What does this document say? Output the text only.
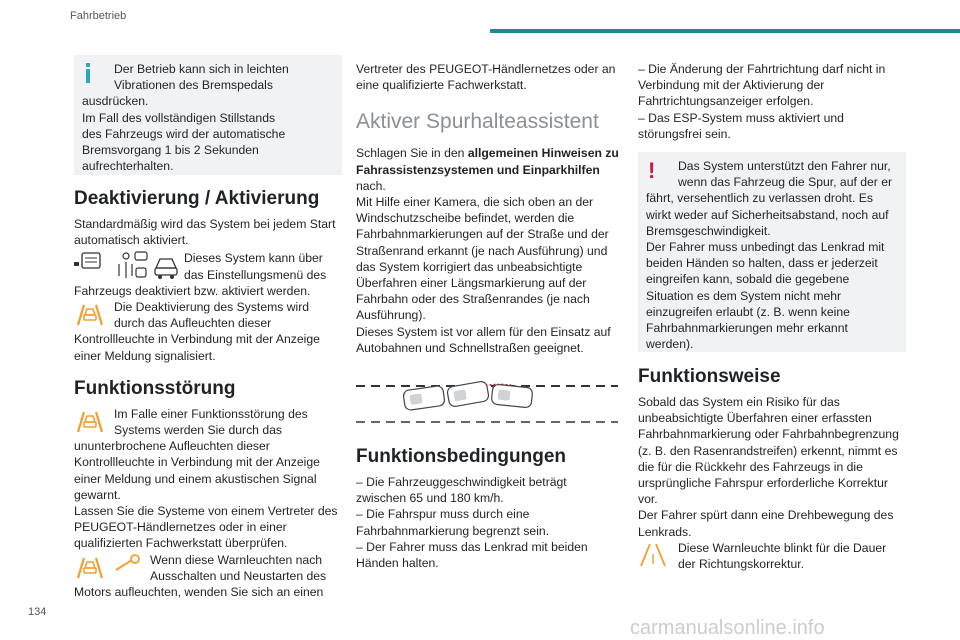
Fahrbetrieb
Der Betrieb kann sich in leichten
Vibrationen des Bremspedals
ausdrücken.
Im Fall des vollständigen Stillstands
des Fahrzeugs wird der automatische
Bremsvorgang 1 bis 2 Sekunden
aufrechterhalten.
Deaktivierung / Aktivierung

Standardmäßig wird das System bei jedem Start automatisch aktiviert.

Dieses System kann über
das Einstellungsmenü des

Fahrzeugs deaktiviert bzw. aktiviert werden.

Die Deaktivierung des Systems wird
durch das Aufleuchten dieser

Kontrollleuchte in Verbindung mit der Anzeige einer Meldung signalisiert.

Funktionsstörung
Im Falle einer Funktionsstörung des
Systems werden Sie durch das

ununterbrochene Aufleuchten dieser Kontrollleuchte in Verbindung mit der Anzeige einer Meldung und einem akustischen Signal gewarnt.

Lassen Sie die Systeme von einem Vertreter des PEUGEOT-Händlernetzes oder in einer qualifizierten Fachwerkstatt überprüfen.

Wenn diese Warnleuchten nach
Ausschalten und Neustarten des

Motors aufleuchten, wenden Sie sich an einen

Vertreter des PEUGEOT-Händlernetzes oder an eine qualifizierte Fachwerkstatt.

Aktiver Spurhalteassistent

Schlagen Sie in den allgemeinen Hinweisen zu Fahrassistenzsystemen und Einparkhilfen nach.

Mit Hilfe einer Kamera, die sich oben an der Windschutzscheibe befindet, werden die Fahrbahnmarkierungen auf der Straße und der Straßenrand erkannt (je nach Ausführung) und das System korrigiert das unbeabsichtigte Überfahren einer Längsmarkierung auf der Fahrbahn oder des Straßenrandes (je nach Ausführung).

Dieses System ist vor allem für den Einsatz auf Autobahnen und Schnellstraßen geeignet.

Funktionsbedingungen

– Die Fahrzeuggeschwindigkeit beträgt zwischen 65 und 180 km/h.

– Die Fahrspur muss durch eine Fahrbahnmarkierung begrenzt sein.

– Der Fahrer muss das Lenkrad mit beiden Händen halten.

– Die Änderung der Fahrtrichtung darf nicht in Verbindung mit der Aktivierung der Fahrtrichtungsanzeiger erfolgen.

– Das ESP-System muss aktiviert und störungsfrei sein.

!	Das System unterstützt den Fahrer nur,
wenn das Fahrzeug die Spur, auf der er
fährt, versehentlich zu verlassen droht. Es wirkt weder auf Sicherheitsabstand, noch auf Bremsgeschwindigkeit.
Der Fahrer muss unbedingt das Lenkrad mit beiden Händen so halten, dass er jederzeit eingreifen kann, sobald die gegebene Situation es dem System nicht mehr einzugreifen erlaubt (z. B. wenn keine Fahrbahnmarkierungen mehr erkannt werden).
Funktionsweise

Sobald das System ein Risiko für das unbeabsichtigte Überfahren einer erfassten Fahrbahnmarkierung oder Fahrbahnbegrenzung (z. B. den Rasenrandstreifen) erkennt, nimmt es die für die Rückkehr des Fahrzeugs in die ursprüngliche Fahrspur erforderliche Korrektur vor.

Der Fahrer spürt dann eine Drehbewegung des Lenkrads.

Diese Warnleuchte blinkt für die Dauer
der Richtungskorrektur.
134
carmanualsonline.info
